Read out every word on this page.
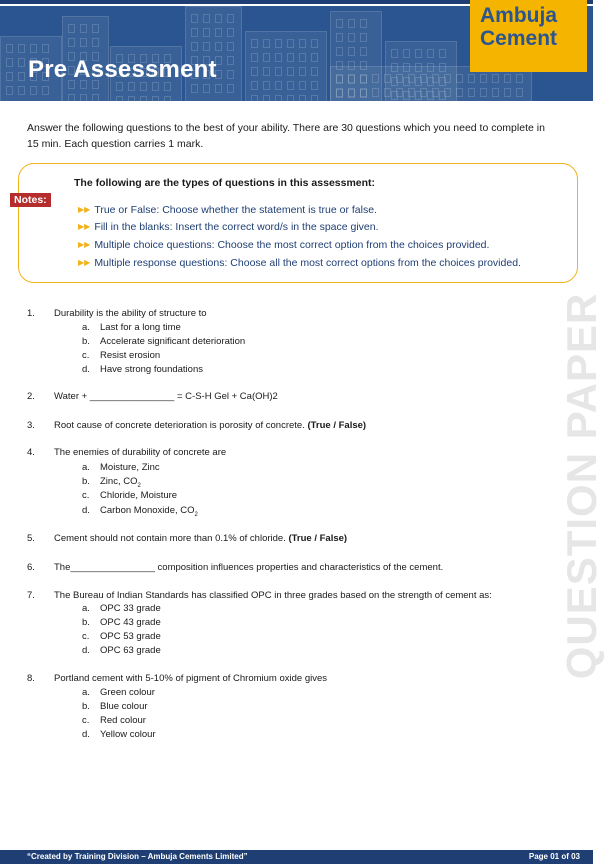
Pre Assessment
Ambuja
Cement

Answer the following questions to the best of your ability. There are 30 questions which you need to complete in 15 min. Each question carries 1 mark.

Notes:
The following are the types of questions in this assessment:
▶▶ True or False: Choose whether the statement is true or false.
▶▶ Fill in the blanks: Insert the correct word/s in the space given.
▶▶ Multiple choice questions: Choose the most correct option from the choices provided.
▶▶ Multiple response questions: Choose all the most correct options from the choices provided.
1. Durability is the ability of structure to
a. Last for a long time
b. Accelerate significant deterioration
c. Resist erosion
d. Have strong foundations
2. Water + ________________ = C-S-H Gel + Ca(OH)2
3. Root cause of concrete deterioration is porosity of concrete. (True / False)
4. The enemies of durability of concrete are
a. Moisture, Zinc
b. Zinc, $CO_2$
c. Chloride, Moisture
d. Carbon Monoxide, $CO_2$
5. Cement should not contain more than 0.1% of chloride. (True / False)
6. The________________ composition influences properties and characteristics of the cement.
7. The Bureau of Indian Standards has classified OPC in three grades based on the strength of cement as:
a. OPC 33 grade
b. OPC 43 grade
c. OPC 53 grade
d. OPC 63 grade
8. Portland cement with 5-10% of pigment of Chromium oxide gives
a. Green colour
b. Blue colour
c. Red colour
d. Yellow colour
QUESTION PAPER
“Created by Training Division – Ambuja Cements Limited”	Page 01 of 03
